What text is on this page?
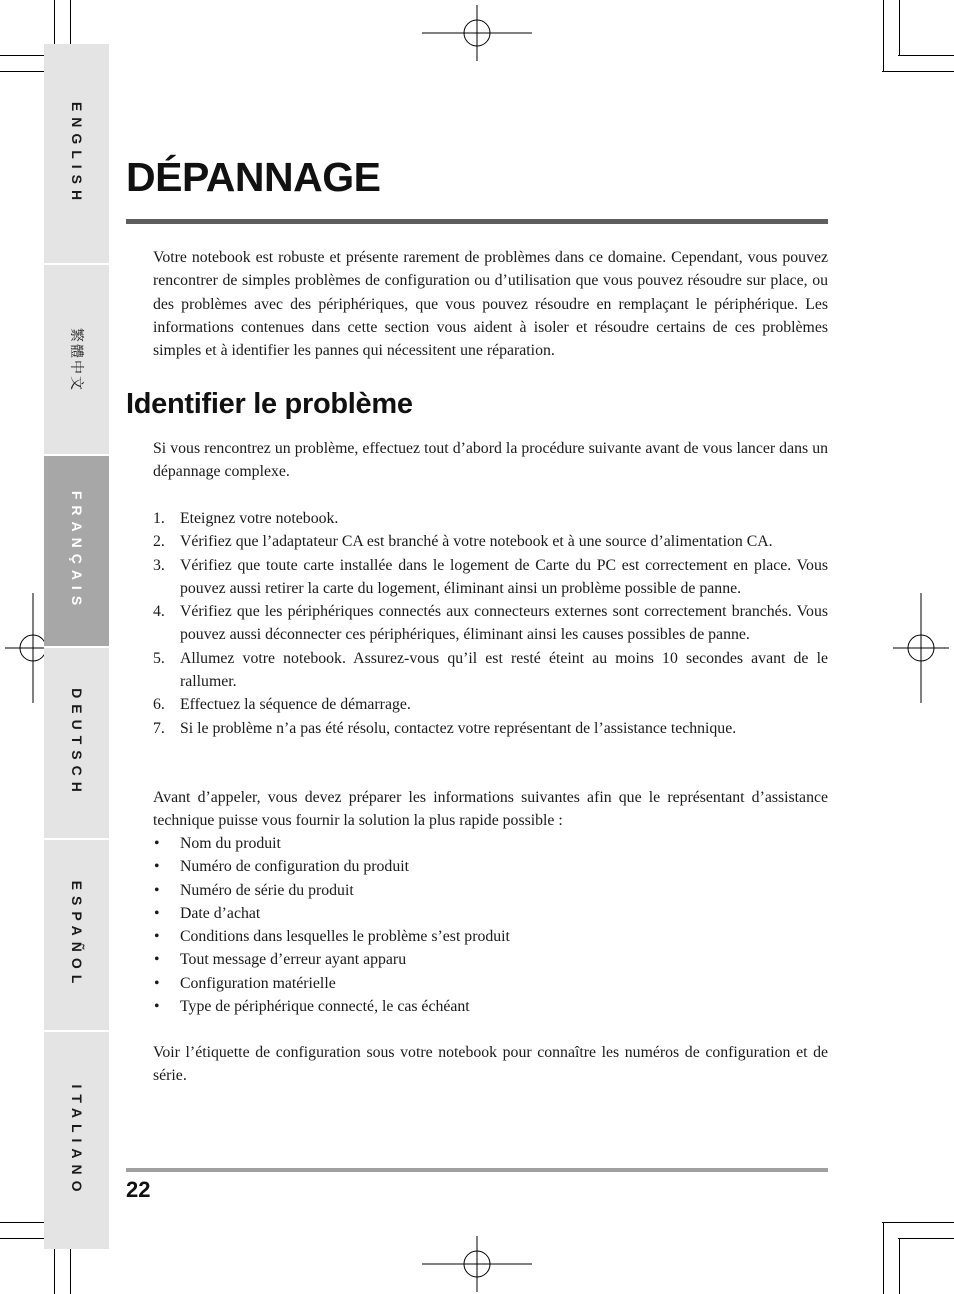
ENGLISH
繁體中文
FRANÇAIS
DEUTSCH
ESPAÑOL
ITALIANO
DÉPANNAGE

Votre notebook est robuste et présente rarement de problèmes dans ce domaine. Cependant, vous pouvez rencontrer de simples problèmes de configuration ou d’utilisation que vous pouvez résoudre sur place, ou des problèmes avec des périphériques, que vous pouvez résoudre en remplaçant le périphérique. Les informations contenues dans cette section vous aident à isoler et résoudre certains de ces problèmes simples et à identifier les pannes qui nécessitent une réparation.

Identifier le problème

Si vous rencontrez un problème, effectuez tout d’abord la procédure suivante avant de vous lancer dans un dépannage complexe.

1. Eteignez votre notebook.
2. Vérifiez que l’adaptateur CA est branché à votre notebook et à une source d’alimentation CA.
3. Vérifiez que toute carte installée dans le logement de Carte du PC est correctement en place. Vous pouvez aussi retirer la carte du logement, éliminant ainsi un problème possible de panne.
4. Vérifiez que les périphériques connectés aux connecteurs externes sont correctement branchés. Vous pouvez aussi déconnecter ces périphériques, éliminant ainsi les causes possibles de panne.
5. Allumez votre notebook. Assurez-vous qu’il est resté éteint au moins 10 secondes avant de le rallumer.
6. Effectuez la séquence de démarrage.
7. Si le problème n’a pas été résolu, contactez votre représentant de l’assistance technique.

Avant d’appeler, vous devez préparer les informations suivantes afin que le représentant d’assistance technique puisse vous fournir la solution la plus rapide possible :

• Nom du produit
• Numéro de configuration du produit
• Numéro de série du produit
• Date d’achat
• Conditions dans lesquelles le problème s’est produit
• Tout message d’erreur ayant apparu
• Configuration matérielle
• Type de périphérique connecté, le cas échéant

Voir l’étiquette de configuration sous votre notebook pour connaître les numéros de configuration et de série.

22
